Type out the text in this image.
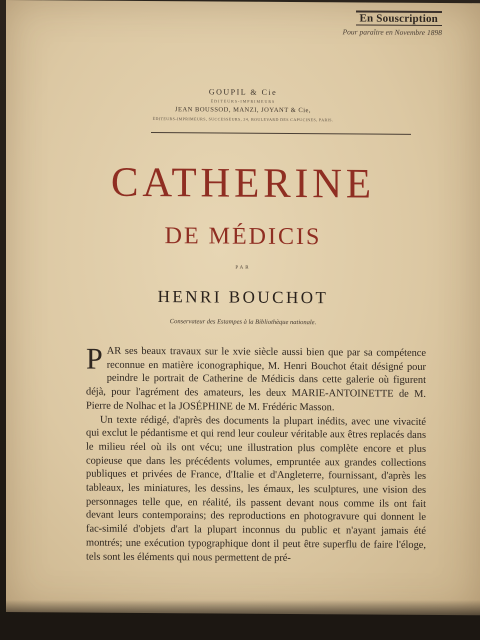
En Souscription
Pour paraître en Novembre 1898
GOUPIL & Cie
ÉDITEURS-IMPRIMEURS
JEAN BOUSSOD, MANZI, JOYANT & Cie,
ÉDITEURS-IMPRIMEURS, SUCCESSEURS, 24, BOULEVARD DES CAPUCINES, PARIS.
CATHERINE
DE MÉDICIS
PAR
HENRI BOUCHOT
Conservateur des Estampes à la Bibliothèque nationale.

PAR ses beaux travaux sur le xvie siècle aussi bien que par sa compétence reconnue en matière iconographique, M. Henri Bouchot était désigné pour peindre le portrait de Catherine de Médicis dans cette galerie où figurent déjà, pour l'agrément des amateurs, les deux MARIE-ANTOINETTE de M. Pierre de Nolhac et la JOSÉPHINE de M. Frédéric Masson.

Un texte rédigé, d'après des documents la plupart inédits, avec une vivacité qui exclut le pédantisme et qui rend leur couleur véritable aux êtres replacés dans le milieu réel où ils ont vécu; une illustration plus complète encore et plus copieuse que dans les précédents volumes, empruntée aux grandes collections publiques et privées de France, d'Italie et d'Angleterre, fournissant, d'après les tableaux, les miniatures, les dessins, les émaux, les sculptures, une vision des personnages telle que, en réalité, ils passent devant nous comme ils ont fait devant leurs contemporains; des reproductions en photogravure qui donnent le fac-similé d'objets d'art la plupart inconnus du public et n'ayant jamais été montrés; une exécution typographique dont il peut être superflu de faire l'éloge, tels sont les éléments qui nous permettent de pré-
